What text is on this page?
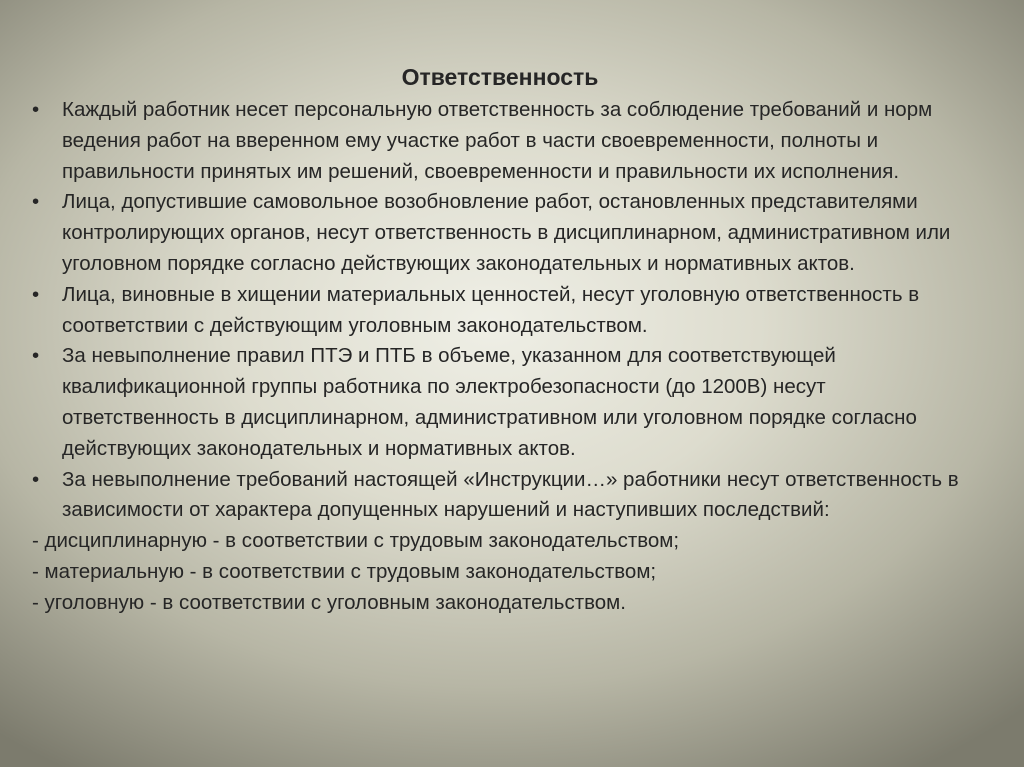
Ответственность
• Каждый работник несет персональную ответственность за соблюдение требований и норм ведения работ на вверенном ему участке работ в части своевременности, полноты и правильности принятых им решений, своевременности и правильности их исполнения.
• Лица, допустившие самовольное возобновление работ, остановленных представителями контролирующих органов, несут ответственность в дисциплинарном, административном или уголовном порядке согласно действующих законодательных и нормативных актов.
• Лица, виновные в хищении материальных ценностей, несут уголовную ответственность в соответствии с действующим уголовным законодательством.
• За невыполнение правил ПТЭ и ПТБ в объеме, указанном для соответствующей квалификационной группы работника по электробезопасности (до 1200В) несут ответственность в дисциплинарном, административном или уголовном порядке согласно действующих законодательных и нормативных актов.
• За невыполнение требований настоящей «Инструкции…» работники несут ответственность в зависимости от характера допущенных нарушений и наступивших последствий:
- дисциплинарную - в соответствии с трудовым законодательством;
- материальную - в соответствии с трудовым законодательством;
- уголовную - в соответствии с уголовным законодательством.
